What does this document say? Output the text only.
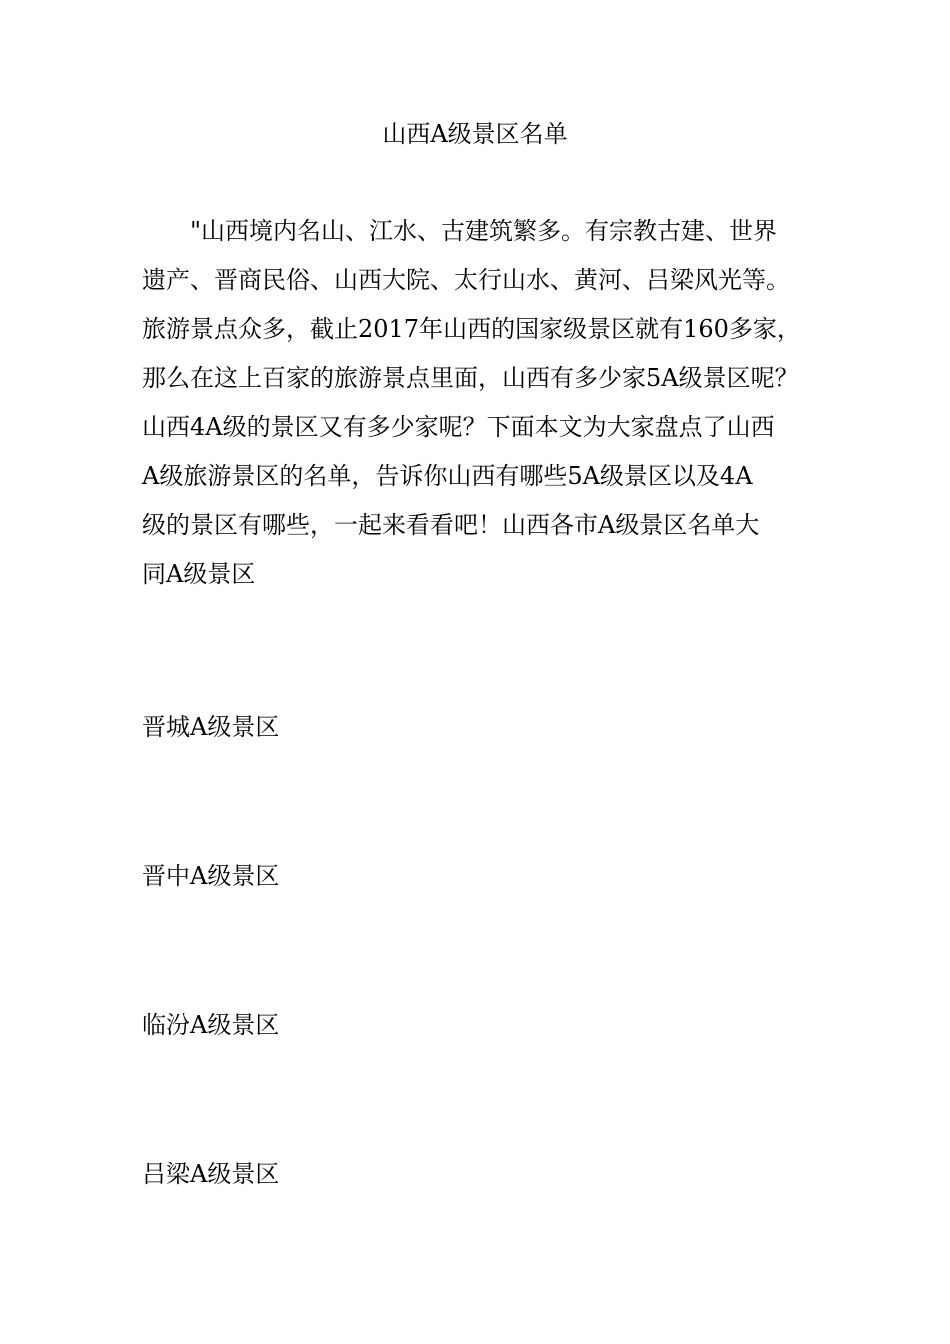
山西A级景区名单
"山西境内名山、江水、古建筑繁多。有宗教古建、世界
遗产、晋商民俗、山西大院、太行山水、黄河、吕梁风光等。
旅游景点众多，截止2017年山西的国家级景区就有160多家，
那么在这上百家的旅游景点里面，山西有多少家5A级景区呢？
山西4A级的景区又有多少家呢？下面本文为大家盘点了山西
A级旅游景区的名单，告诉你山西有哪些5A级景区以及4A
级的景区有哪些，一起来看看吧！山西各市A级景区名单大
同A级景区
晋城A级景区
晋中A级景区
临汾A级景区
吕梁A级景区
